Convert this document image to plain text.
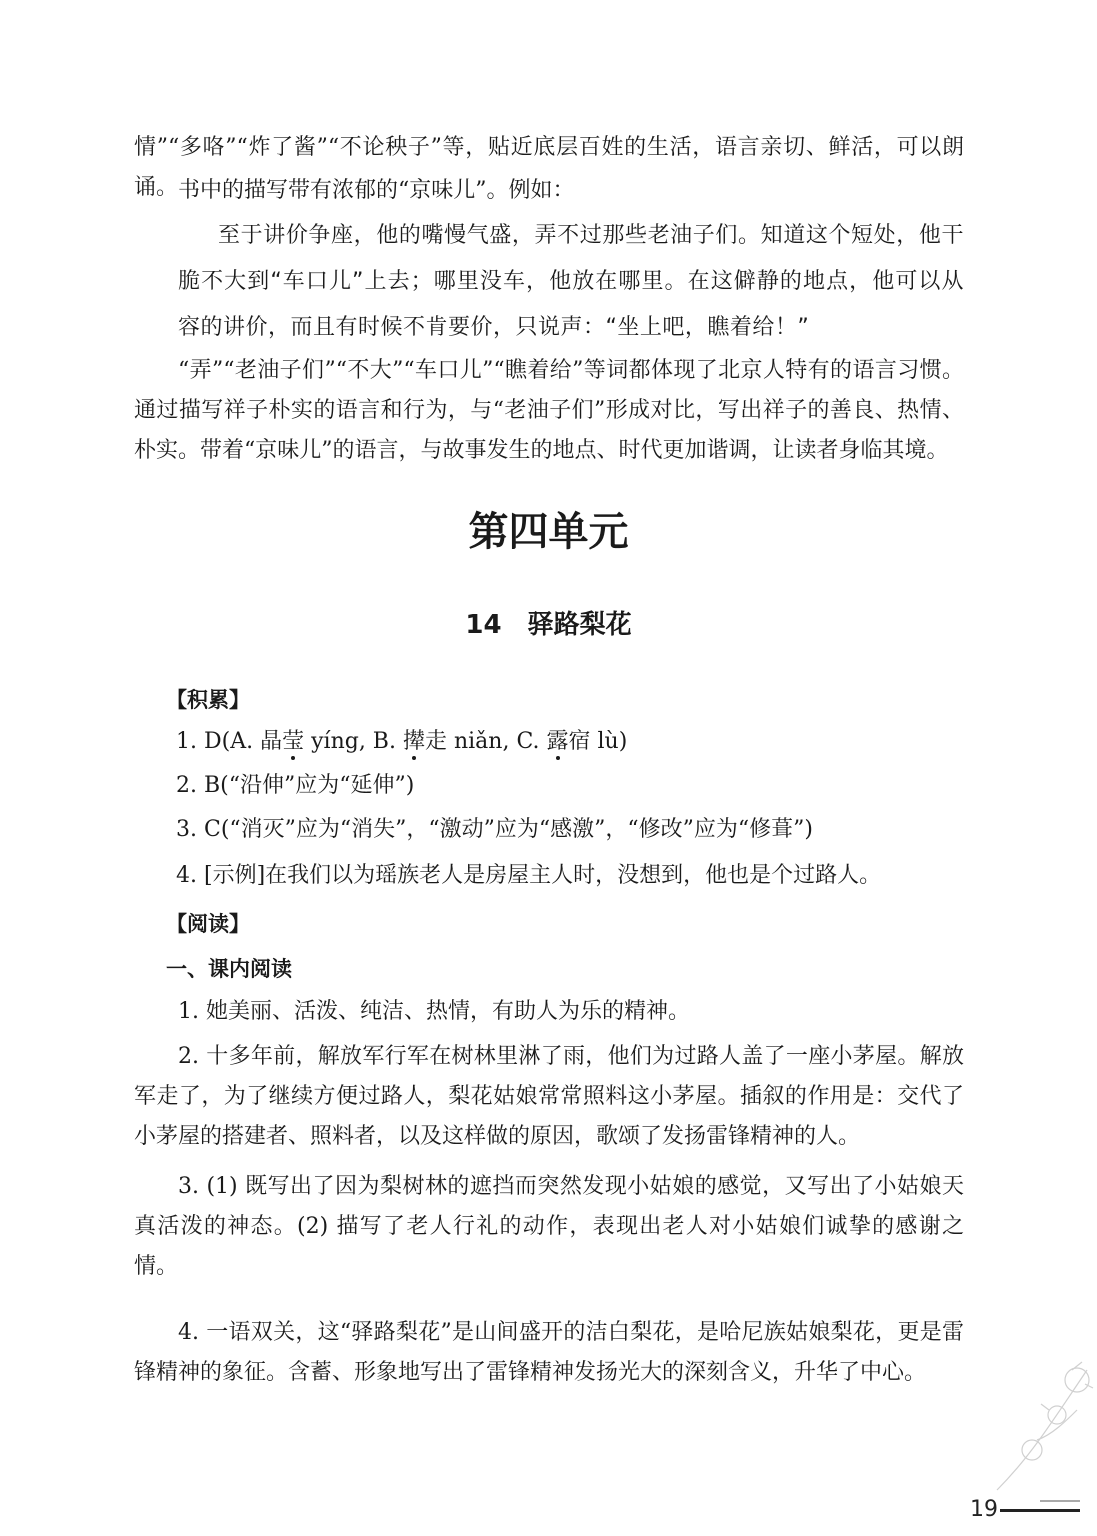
情”“多咯”“炸了酱”“不论秧子”等，贴近底层百姓的生活，语言亲切、鲜活，可以朗诵。 书中的描写带有浓郁的“京味儿”。例如：

至于讲价争座，他的嘴慢气盛，弄不过那些老油子们。知道这个短处，他干脆不大到“车口儿”上去；哪里没车，他放在哪里。在这僻静的地点，他可以从容的讲价，而且有时候不肯要价，只说声：“坐上吧，瞧着给！”

“弄”“老油子们”“不大”“车口儿”“瞧着给”等词都体现了北京人特有的语言习惯。通过描写祥子朴实的语言和行为，与“老油子们”形成对比，写出祥子的善良、热情、朴实。带着“京味儿”的语言，与故事发生的地点、时代更加谐调，让读者身临其境。

第四单元
14　驿路梨花

【积累】

1. D(A. 晶莹 yíng, B. 撵走 niǎn, C. 露宿 lù)

2. B(“沿伸”应为“延伸”)

3. C(“消灭”应为“消失”，“激动”应为“感激”，“修改”应为“修葺”)

4. [示例]在我们以为瑶族老人是房屋主人时，没想到，他也是个过路人。

【阅读】

一、课内阅读

1. 她美丽、活泼、纯洁、热情，有助人为乐的精神。

2. 十多年前，解放军行军在树林里淋了雨，他们为过路人盖了一座小茅屋。解放军走了，为了继续方便过路人，梨花姑娘常常照料这小茅屋。插叙的作用是：交代了小茅屋的搭建者、照料者，以及这样做的原因，歌颂了发扬雷锋精神的人。

3. (1) 既写出了因为梨树林的遮挡而突然发现小姑娘的感觉，又写出了小姑娘天真活泼的神态。(2) 描写了老人行礼的动作，表现出老人对小姑娘们诚挚的感谢之情。

4. 一语双关，这“驿路梨花”是山间盛开的洁白梨花，是哈尼族姑娘梨花，更是雷锋精神的象征。含蓄、形象地写出了雷锋精神发扬光大的深刻含义，升华了中心。

19
